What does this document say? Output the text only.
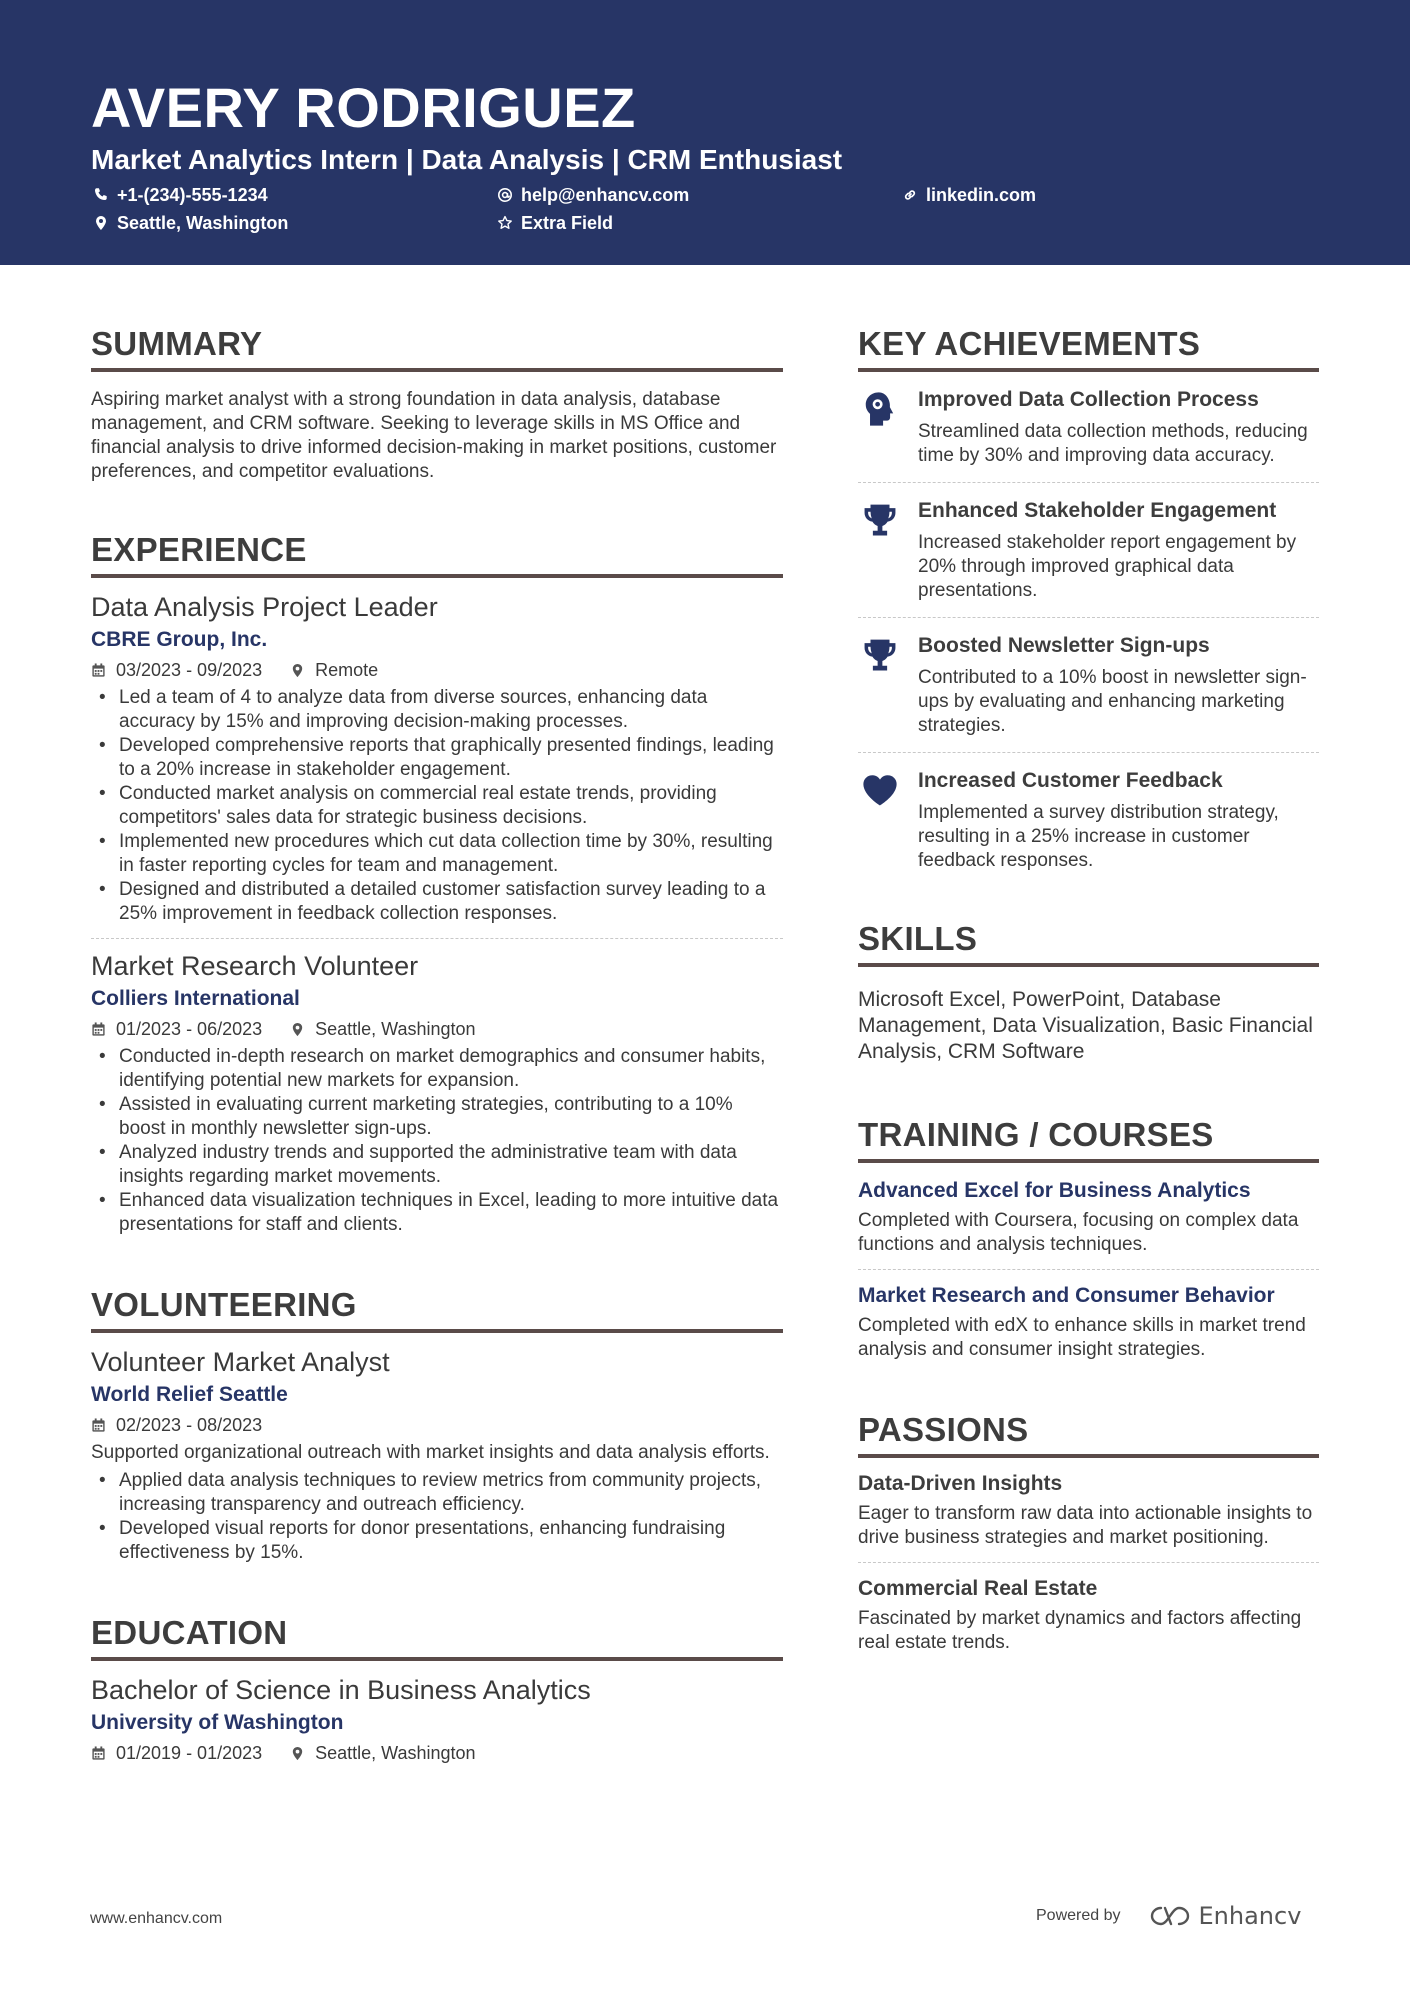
AVERY RODRIGUEZ
Market Analytics Intern | Data Analysis | CRM Enthusiast
+1-(234)-555-1234	help@enhancv.com	linkedin.com
Seattle, Washington	Extra Field
SUMMARY

Aspiring market analyst with a strong foundation in data analysis, database management, and CRM software. Seeking to leverage skills in MS Office and financial analysis to drive informed decision-making in market positions, customer preferences, and competitor evaluations.

EXPERIENCE
Data Analysis Project Leader
CBRE Group, Inc.
03/2023 - 09/2023	Remote
• Led a team of 4 to analyze data from diverse sources, enhancing data accuracy by 15% and improving decision-making processes.
• Developed comprehensive reports that graphically presented findings, leading to a 20% increase in stakeholder engagement.
• Conducted market analysis on commercial real estate trends, providing competitors' sales data for strategic business decisions.
• Implemented new procedures which cut data collection time by 30%, resulting in faster reporting cycles for team and management.
• Designed and distributed a detailed customer satisfaction survey leading to a 25% improvement in feedback collection responses.
Market Research Volunteer
Colliers International
01/2023 - 06/2023	Seattle, Washington
• Conducted in-depth research on market demographics and consumer habits, identifying potential new markets for expansion.
• Assisted in evaluating current marketing strategies, contributing to a 10% boost in monthly newsletter sign-ups.
• Analyzed industry trends and supported the administrative team with data insights regarding market movements.
• Enhanced data visualization techniques in Excel, leading to more intuitive data presentations for staff and clients.
VOLUNTEERING
Volunteer Market Analyst
World Relief Seattle
02/2023 - 08/2023

Supported organizational outreach with market insights and data analysis efforts.

• Applied data analysis techniques to review metrics from community projects, increasing transparency and outreach efficiency.
• Developed visual reports for donor presentations, enhancing fundraising effectiveness by 15%.
EDUCATION
Bachelor of Science in Business Analytics
University of Washington
01/2019 - 01/2023	Seattle, Washington
KEY ACHIEVEMENTS
Improved Data Collection Process
Streamlined data collection methods, reducing time by 30% and improving data accuracy.
Enhanced Stakeholder Engagement
Increased stakeholder report engagement by 20% through improved graphical data presentations.
Boosted Newsletter Sign-ups
Contributed to a 10% boost in newsletter sign-ups by evaluating and enhancing marketing strategies.
Increased Customer Feedback
Implemented a survey distribution strategy, resulting in a 25% increase in customer feedback responses.
SKILLS

Microsoft Excel, PowerPoint, Database Management, Data Visualization, Basic Financial Analysis, CRM Software

TRAINING / COURSES
Advanced Excel for Business Analytics
Completed with Coursera, focusing on complex data functions and analysis techniques.
Market Research and Consumer Behavior
Completed with edX to enhance skills in market trend analysis and consumer insight strategies.
PASSIONS
Data-Driven Insights
Eager to transform raw data into actionable insights to drive business strategies and market positioning.
Commercial Real Estate
Fascinated by market dynamics and factors affecting real estate trends.
www.enhancv.com	Powered by	Enhancv
